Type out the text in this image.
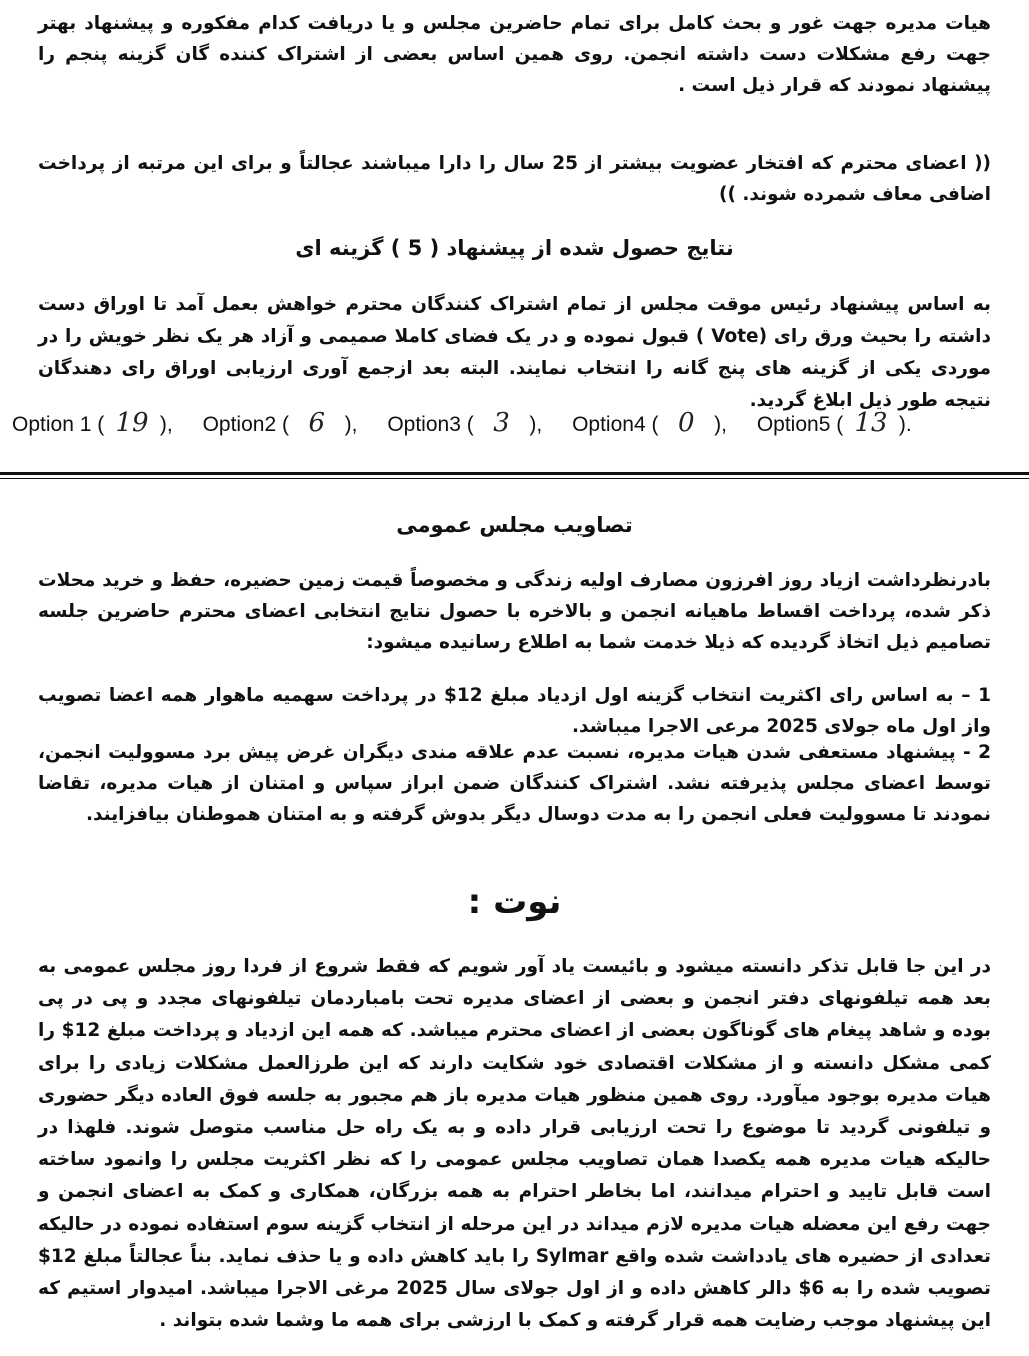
هیات مدیره جهت غور و بحث کامل برای تمام حاضرین مجلس و یا دریافت کدام مفکوره و پیشنهاد بهتر جهت رفع مشکلات دست داشته انجمن. روی همین اساس بعضی از اشتراک کننده گان گزینه پنجم را پیشنهاد نمودند که قرار ذیل است .
(( اعضای محترم که افتخار عضویت بیشتر از 25 سال را دارا میباشند عجالتاً و برای این مرتبه از پرداخت اضافی معاف شمرده شوند. ))
نتایج حصول شده از پیشنهاد ( 5 ) گزینه ای
به اساس پیشنهاد رئیس موقت مجلس از تمام اشتراک کنندگان محترم خواهش بعمل آمد تا اوراق دست داشته را بحیث ورق رای (Vote ) قبول نموده و در یک فضای کاملا صمیمی و آزاد هر یک نظر خویش را در موردی یکی از گزینه های پنج گانه را انتخاب نمایند. البته بعد ازجمع آوری ارزیابی اوراق رای دهندگان نتیجه طور ذیل ابلاغ گردید.
Option 1 ( 19 ), Option2 ( 6 ), Option3 ( 3 ), Option4 ( 0 ), Option5 ( 13 ).
تصاویب مجلس عمومی
بادرنظرداشت ازیاد روز افرزون مصارف اولیه زندگی و مخصوصاً قیمت زمین حضیره، حفظ و خرید محلات ذکر شده، پرداخت اقساط ماهیانه انجمن و بالاخره با حصول نتایج انتخابی اعضای محترم حاضرین جلسه تصامیم ذیل اتخاذ گردیده که ذیلا خدمت شما به اطلاع رسانیده میشود:
1 – به اساس رای اکثریت انتخاب گزینه اول ازدیاد مبلغ 12$ در پرداخت سهمیه ماهوار همه اعضا تصویب واز اول ماه جولای 2025 مرعی الاجرا میباشد.
2 - پیشنهاد مستعفی شدن هیات مدیره، نسبت عدم علاقه مندی دیگران غرض پیش برد مسوولیت انجمن، توسط اعضای مجلس پذیرفته نشد. اشتراک کنندگان ضمن ابراز سپاس و امتنان از هیات مدیره، تقاضا نمودند تا مسوولیت فعلی انجمن را به مدت دوسال دیگر بدوش گرفته و به امتنان هموطنان بیافزایند.
نوت :
در این جا قابل تذکر دانسته میشود و بائیست یاد آور شویم که فقط شروع از فردا روز مجلس عمومی به بعد همه تیلفونهای دفتر انجمن و بعضی از اعضای مدیره تحت بامباردمان تیلفونهای مجدد و پی در پی بوده و شاهد پیغام های گوناگون بعضی از اعضای محترم میباشد. که همه این ازدیاد و پرداخت مبلغ 12$ را کمی مشکل دانسته و از مشکلات اقتصادی خود شکایت دارند که این طرزالعمل مشکلات زیادی را برای هیات مدیره بوجود میآورد. روی همین منظور هیات مدیره باز هم مجبور به جلسه فوق العاده دیگر حضوری و تیلفونی گردید تا موضوع را تحت ارزیابی قرار داده و به یک راه حل مناسب متوصل شوند. فلهذا در حالیکه هیات مدیره همه یکصدا همان تصاویب مجلس عمومی را که نظر اکثریت مجلس را وانمود ساخته است قابل تایید و احترام میدانند، اما بخاطر احترام به همه بزرگان، همکاری و کمک به اعضای انجمن و جهت رفع این معضله هیات مدیره لازم میداند در این مرحله از انتخاب گزینه سوم استفاده نموده در حالیکه تعدادی از حضیره های یادداشت شده واقع Sylmar را باید کاهش داده و یا حذف نماید. بناً عجالتاً مبلغ 12$ تصویب شده را به 6$ دالر کاهش داده و از اول جولای سال 2025 مرغی الاجرا میباشد. امیدوار استیم که این پیشنهاد موجب رضایت همه قرار گرفته و کمک با ارزشی برای همه ما وشما شده بتواند .
